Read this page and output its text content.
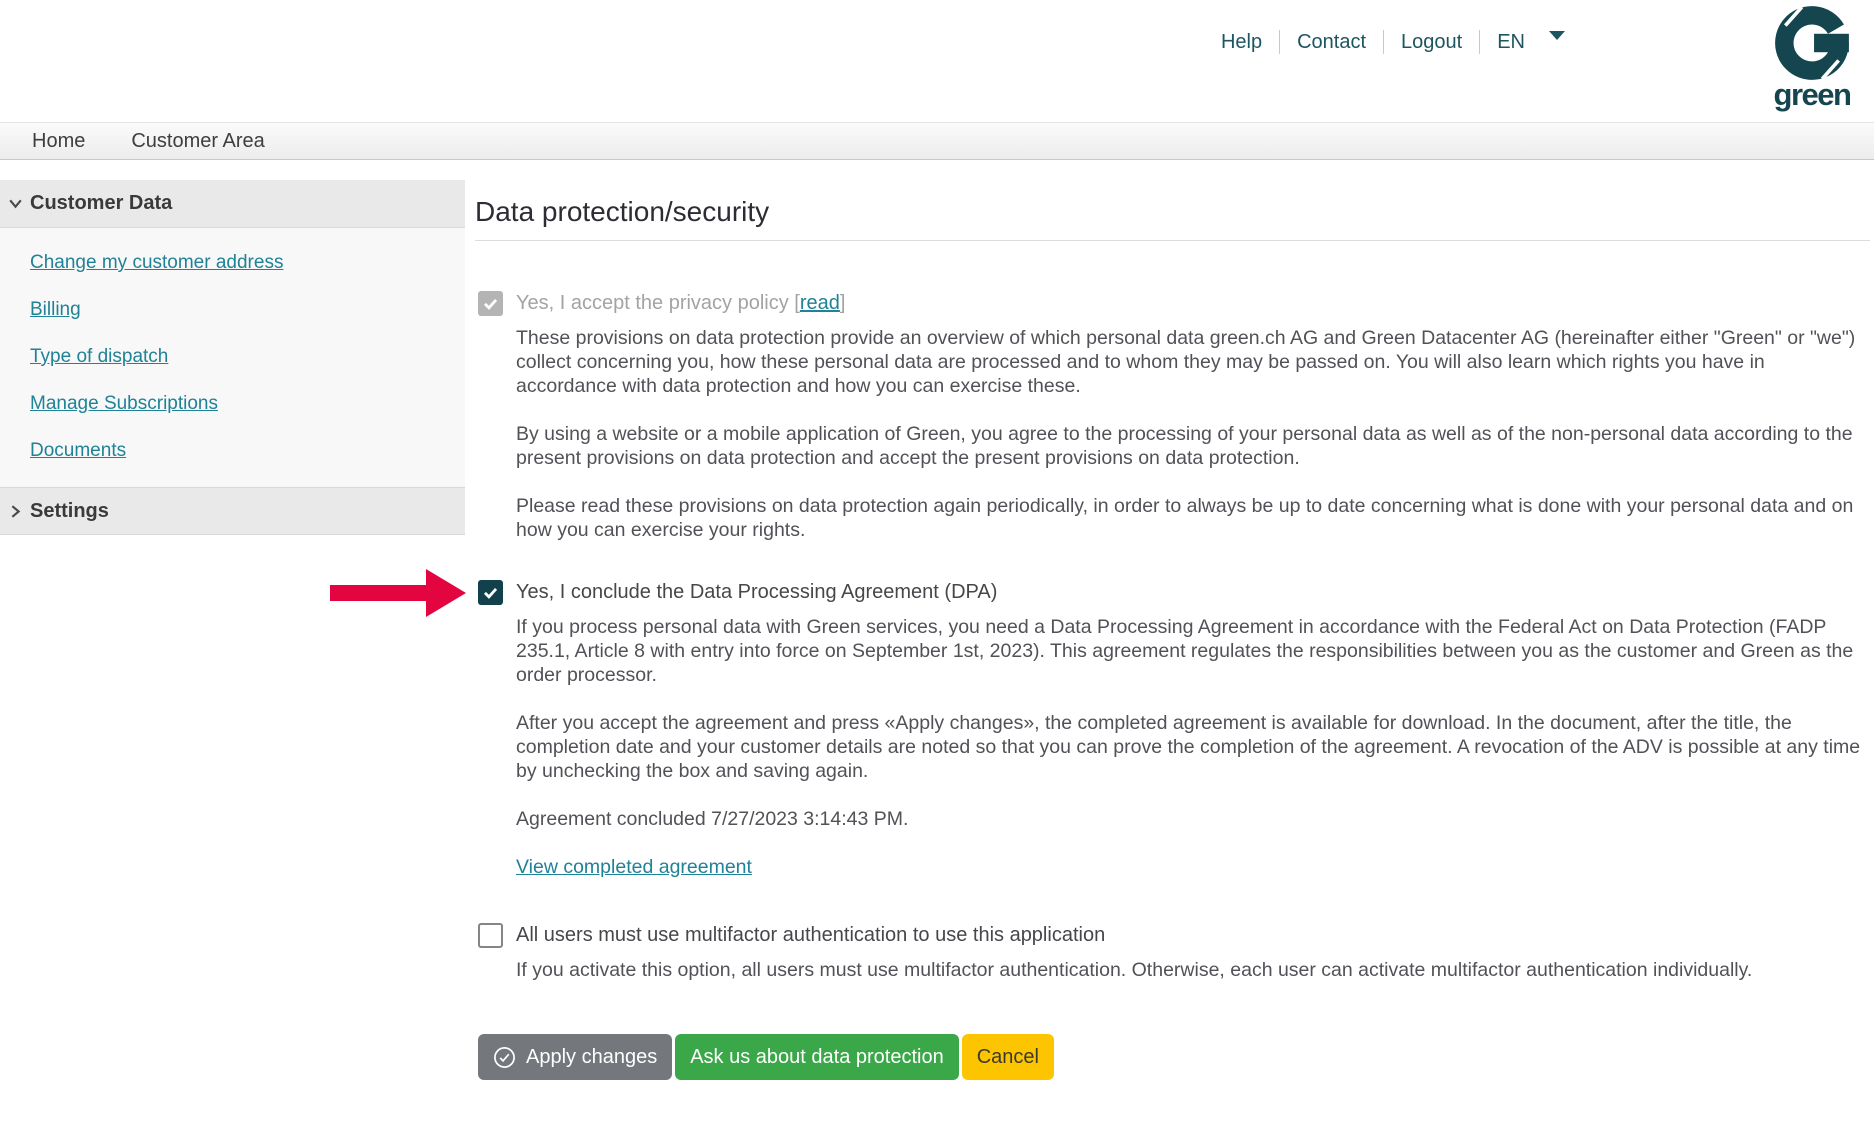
Help	Contact	Logout	EN
green
Home Customer Area
Customer Data
Change my customer address
Billing
Type of dispatch
Manage Subscriptions
Documents
Settings
Data protection/security
Yes, I accept the privacy policy [read]

These provisions on data protection provide an overview of which personal data green.ch AG and Green Datacenter AG (hereinafter either "Green" or "we") collect concerning you, how these personal data are processed and to whom they may be passed on. You will also learn which rights you have in accordance with data protection and how you can exercise these.

By using a website or a mobile application of Green, you agree to the processing of your personal data as well as of the non-personal data according to the present provisions on data protection and accept the present provisions on data protection.

Please read these provisions on data protection again periodically, in order to always be up to date concerning what is done with your personal data and on how you can exercise your rights.

Yes, I conclude the Data Processing Agreement (DPA)

If you process personal data with Green services, you need a Data Processing Agreement in accordance with the Federal Act on Data Protection (FADP 235.1, Article 8 with entry into force on September 1st, 2023). This agreement regulates the responsibilities between you as the customer and Green as the order processor.

After you accept the agreement and press «Apply changes», the completed agreement is available for download. In the document, after the title, the completion date and your customer details are noted so that you can prove the completion of the agreement. A revocation of the ADV is possible at any time by unchecking the box and saving again.

Agreement concluded 7/27/2023 3:14:43 PM.

View completed agreement

All users must use multifactor authentication to use this application

If you activate this option, all users must use multifactor authentication. Otherwise, each user can activate multifactor authentication individually.

Apply changes	Ask us about data protection	Cancel
